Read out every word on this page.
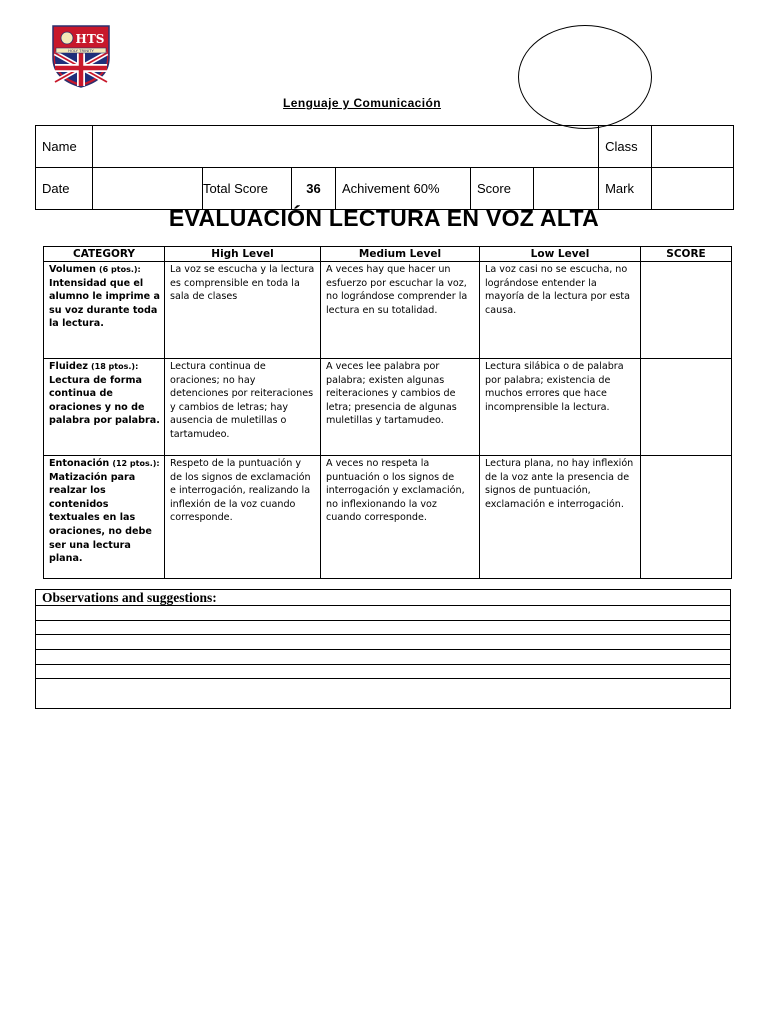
HOLY TRINITY
HTS
Lenguaje y Comunicación
Name							Class	
Date		Total Score	36	Achivement 60%	Score		Mark	
EVALUACIÓN LECTURA EN VOZ ALTA
CATEGORY	High Level	Medium Level	Low Level	SCORE
Volumen (6 ptos.):
Intensidad que el alumno le imprime a su voz durante toda la lectura.	La voz se escucha y la lectura es comprensible en toda la sala de clases	A veces hay que hacer un esfuerzo por escuchar la voz, no lográndose comprender la lectura en su totalidad.	La voz casi no se escucha, no lográndose entender la mayoría de la lectura por esta causa.	
Fluidez (18 ptos.):
Lectura de forma continua de oraciones y no de palabra por palabra.	Lectura continua de oraciones; no hay detenciones por reiteraciones y cambios de letras; hay ausencia de muletillas o tartamudeo.	A veces lee palabra por palabra; existen algunas reiteraciones y cambios de letra; presencia de algunas muletillas y tartamudeo.	Lectura silábica o de palabra por palabra; existencia de muchos errores que hace incomprensible la lectura.	
Entonación (12 ptos.):
Matización para realzar los contenidos textuales en las oraciones, no debe ser una lectura plana.	Respeto de la puntuación y de los signos de exclamación e interrogación, realizando la inflexión de la voz cuando corresponde.	A veces no respeta la puntuación o los signos de interrogación y exclamación, no inflexionando la voz cuando corresponde.	Lectura plana, no hay inflexión de la voz ante la presencia de signos de puntuación, exclamación e interrogación.	
Observations and suggestions:
